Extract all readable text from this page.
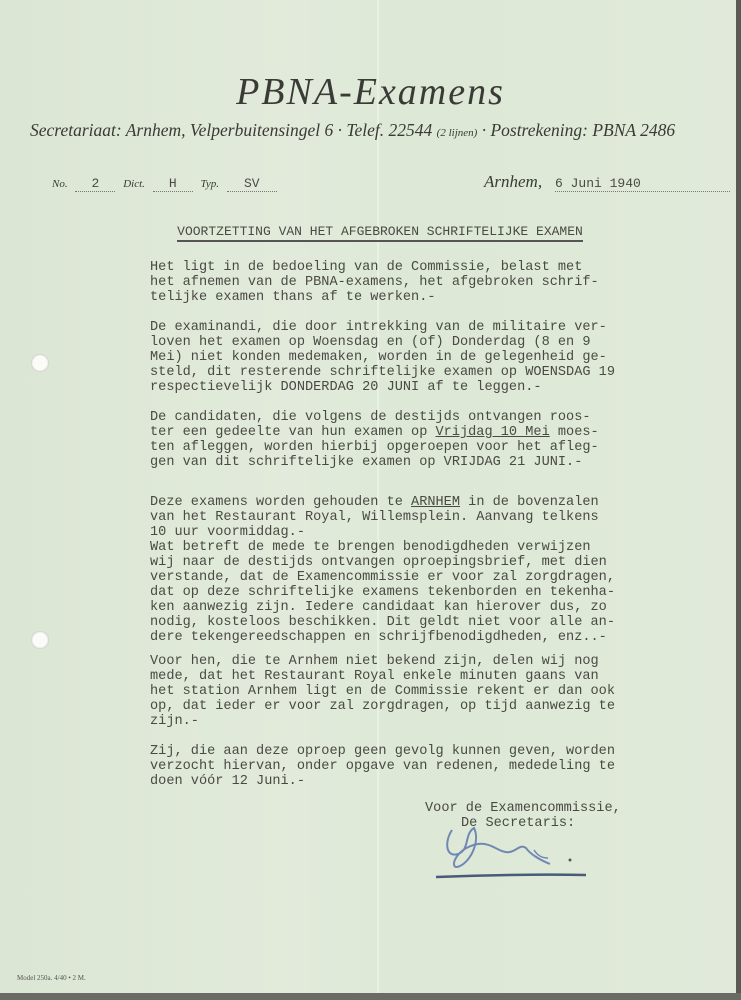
PBNA-Examens
Secretariaat: Arnhem, Velperbuitensingel 6 · Telef. 22544 (2 lijnen) · Postrekening: PBNA 2486
No. 2 Dict. H Typ. SV	Arnhem, 6 Juni 1940
VOORTZETTING VAN HET AFGEBROKEN SCHRIFTELIJKE EXAMEN
Het ligt in de bedoeling van de Commissie, belast met
het afnemen van de PBNA-examens, het afgebroken schrif-
telijke examen thans af te werken.-
De examinandi, die door intrekking van de militaire ver-
loven het examen op Woensdag en (of) Donderdag (8 en 9
Mei) niet konden medemaken, worden in de gelegenheid ge-
steld, dit resterende schriftelijke examen op WOENSDAG 19
respectievelijk DONDERDAG 20 JUNI af te leggen.-
De candidaten, die volgens de destijds ontvangen roos-
ter een gedeelte van hun examen op Vrijdag 10 Mei moes-
ten afleggen, worden hierbij opgeroepen voor het afleg-
gen van dit schriftelijke examen op VRIJDAG 21 JUNI.-
Deze examens worden gehouden te ARNHEM in de bovenzalen
van het Restaurant Royal, Willemsplein. Aanvang telkens
10 uur voormiddag.-
Wat betreft de mede te brengen benodigdheden verwijzen
wij naar de destijds ontvangen oproepingsbrief, met dien
verstande, dat de Examencommissie er voor zal zorgdragen,
dat op deze schriftelijke examens tekenborden en tekenha-
ken aanwezig zijn. Iedere candidaat kan hierover dus, zo
nodig, kosteloos beschikken. Dit geldt niet voor alle an-
dere tekengereedschappen en schrijfbenodigdheden, enz..-
Voor hen, die te Arnhem niet bekend zijn, delen wij nog
mede, dat het Restaurant Royal enkele minuten gaans van
het station Arnhem ligt en de Commissie rekent er dan ook
op, dat ieder er voor zal zorgdragen, op tijd aanwezig te
zijn.-
Zij, die aan deze oproep geen gevolg kunnen geven, worden
verzocht hiervan, onder opgave van redenen, mededeling te
doen vóór 12 Juni.-
Voor de Examencommissie,
De Secretaris:
Model 250a. 4/40 • 2 M.
